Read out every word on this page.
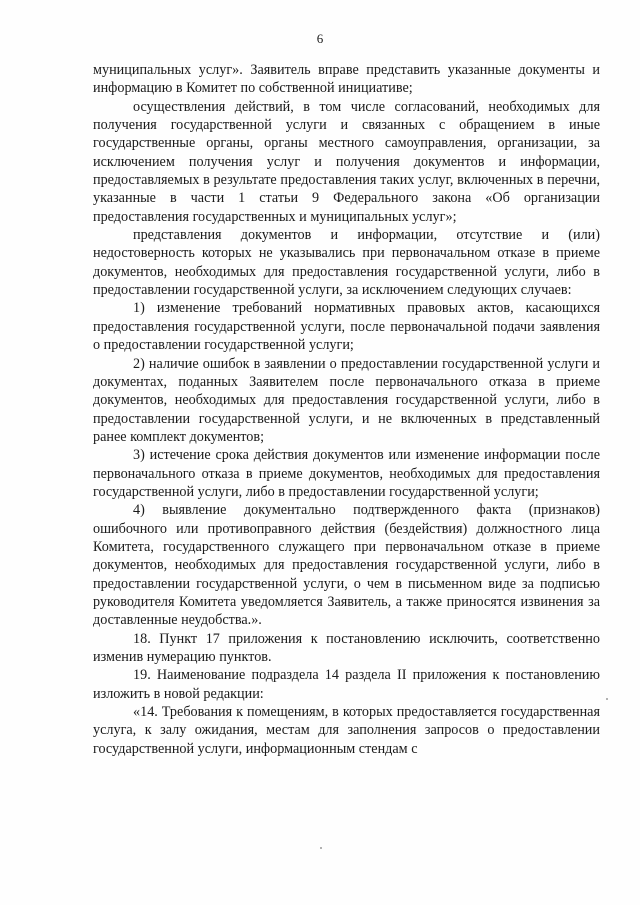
6

муниципальных услуг». Заявитель вправе представить указанные документы и информацию в Комитет по собственной инициативе;

осуществления действий, в том числе согласований, необходимых для получения государственной услуги и связанных с обращением в иные государственные органы, органы местного самоуправления, организации, за исключением получения услуг и получения документов и информации, предоставляемых в результате предоставления таких услуг, включенных в перечни, указанные в части 1 статьи 9 Федерального закона «Об организации предоставления государственных и муниципальных услуг»;

представления документов и информации, отсутствие и (или) недостоверность которых не указывались при первоначальном отказе в приеме документов, необходимых для предоставления государственной услуги, либо в предоставлении государственной услуги, за исключением следующих случаев:

1) изменение требований нормативных правовых актов, касающихся предоставления государственной услуги, после первоначальной подачи заявления о предоставлении государственной услуги;

2) наличие ошибок в заявлении о предоставлении государственной услуги и документах, поданных Заявителем после первоначального отказа в приеме документов, необходимых для предоставления государственной услуги, либо в предоставлении государственной услуги, и не включенных в представленный ранее комплект документов;

3) истечение срока действия документов или изменение информации после первоначального отказа в приеме документов, необходимых для предоставления государственной услуги, либо в предоставлении государственной услуги;

4) выявление документально подтвержденного факта (признаков) ошибочного или противоправного действия (бездействия) должностного лица Комитета, государственного служащего при первоначальном отказе в приеме документов, необходимых для предоставления государственной услуги, либо в предоставлении государственной услуги, о чем в письменном виде за подписью руководителя Комитета уведомляется Заявитель, а также приносятся извинения за доставленные неудобства.».

18. Пункт 17 приложения к постановлению исключить, соответственно изменив нумерацию пунктов.

19. Наименование подраздела 14 раздела II приложения к постановлению изложить в новой редакции:

«14. Требования к помещениям, в которых предоставляется государственная услуга, к залу ожидания, местам для заполнения запросов о предоставлении государственной услуги, информационным стендам с
